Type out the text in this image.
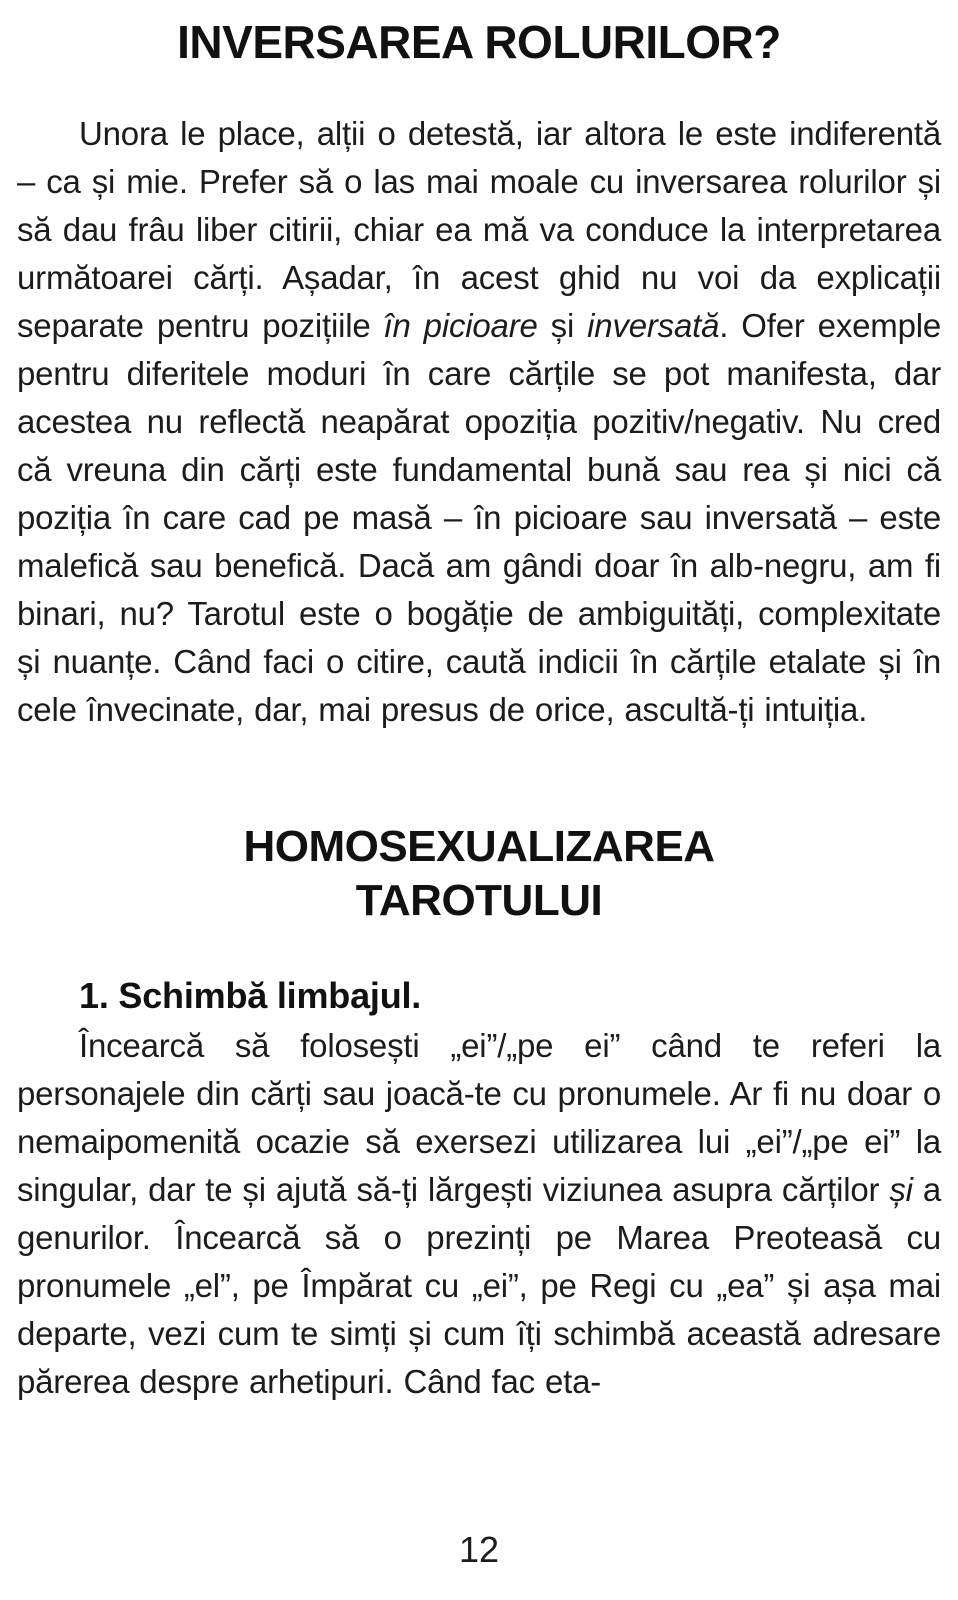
INVERSAREA ROLURILOR?

Unora le place, alții o detestă, iar altora le este indiferentă – ca și mie. Prefer să o las mai moale cu inversarea rolurilor și să dau frâu liber citirii, chiar ea mă va conduce la interpretarea următoarei cărți. Așadar, în acest ghid nu voi da explicații separate pentru pozițiile în picioare și inversată. Ofer exemple pentru diferitele moduri în care cărțile se pot manifesta, dar acestea nu reflectă neapărat opoziția pozitiv/negativ. Nu cred că vreuna din cărți este fundamental bună sau rea și nici că poziția în care cad pe masă – în picioare sau inversată – este malefică sau benefică. Dacă am gândi doar în alb-negru, am fi binari, nu? Tarotul este o bogăție de ambiguități, complexitate și nuanțe. Când faci o citire, caută indicii în cărțile etalate și în cele învecinate, dar, mai presus de orice, ascultă-ți intuiția.

HOMOSEXUALIZAREA TAROTULUI
1. Schimbă limbajul.

Încearcă să folosești „ei”/„pe ei” când te referi la personajele din cărți sau joacă-te cu pronumele. Ar fi nu doar o nemaipomenită ocazie să exersezi utilizarea lui „ei”/„pe ei” la singular, dar te și ajută să-ți lărgești viziunea asupra cărților și a genurilor. Încearcă să o prezinți pe Marea Preoteasă cu pronumele „el”, pe Împărat cu „ei”, pe Regi cu „ea” și așa mai departe, vezi cum te simți și cum îți schimbă această adresare părerea despre arhetipuri. Când fac eta-

12
